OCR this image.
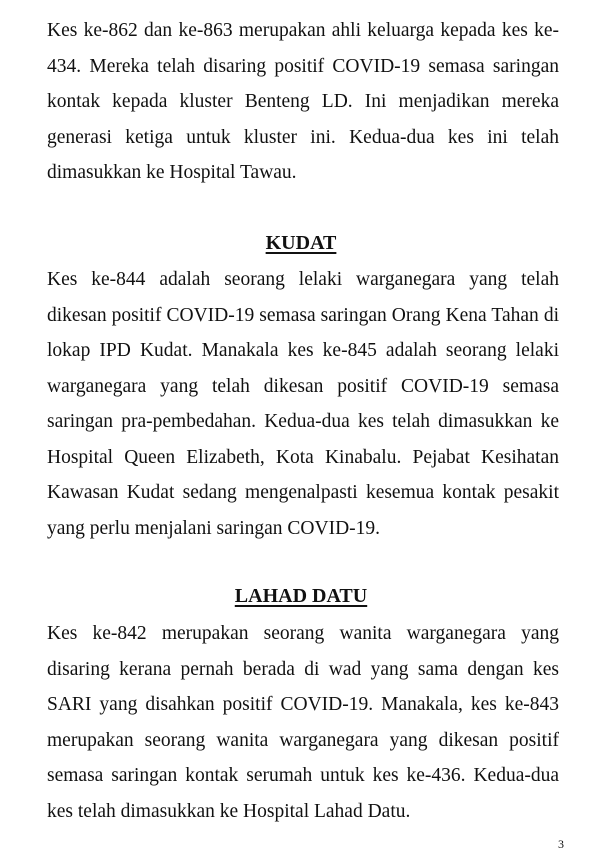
Kes ke-862 dan ke-863 merupakan ahli keluarga kepada kes ke-434. Mereka telah disaring positif COVID-19 semasa saringan kontak kepada kluster Benteng LD. Ini menjadikan mereka generasi ketiga untuk kluster ini. Kedua-dua kes ini telah dimasukkan ke Hospital Tawau.

KUDAT

Kes ke-844 adalah seorang lelaki warganegara yang telah dikesan positif COVID-19 semasa saringan Orang Kena Tahan di lokap IPD Kudat. Manakala kes ke-845 adalah seorang lelaki warganegara yang telah dikesan positif COVID-19 semasa saringan pra-pembedahan. Kedua-dua kes telah dimasukkan ke Hospital Queen Elizabeth, Kota Kinabalu. Pejabat Kesihatan Kawasan Kudat sedang mengenalpasti kesemua kontak pesakit yang perlu menjalani saringan COVID-19.

LAHAD DATU

Kes ke-842 merupakan seorang wanita warganegara yang disaring kerana pernah berada di wad yang sama dengan kes SARI yang disahkan positif COVID-19. Manakala, kes ke-843 merupakan seorang wanita warganegara yang dikesan positif semasa saringan kontak serumah untuk kes ke-436. Kedua-dua kes telah dimasukkan ke Hospital Lahad Datu.

3
